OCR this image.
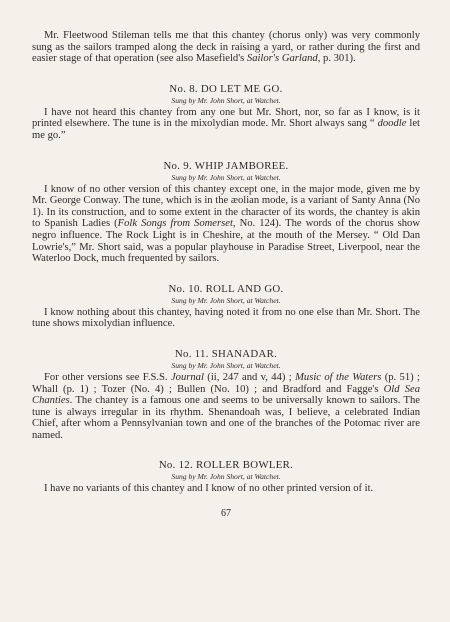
Mr. Fleetwood Stileman tells me that this chantey (chorus only) was very commonly sung as the sailors tramped along the deck in raising a yard, or rather during the first and easier stage of that operation (see also Masefield's Sailor's Garland, p. 301).

No. 8. DO LET ME GO.

Sung by Mr. John Short, at Watchet.

I have not heard this chantey from any one but Mr. Short, nor, so far as I know, is it printed elsewhere. The tune is in the mixolydian mode. Mr. Short always sang “ doodle let me go.”

No. 9. WHIP JAMBOREE.

Sung by Mr. John Short, at Watchet.

I know of no other version of this chantey except one, in the major mode, given me by Mr. George Conway. The tune, which is in the æolian mode, is a variant of Santy Anna (No 1). In its construction, and to some extent in the character of its words, the chantey is akin to Spanish Ladies (Folk Songs from Somerset, No. 124). The words of the chorus show negro influence. The Rock Light is in Cheshire, at the mouth of the Mersey. “ Old Dan Lowrie's,” Mr. Short said, was a popular playhouse in Paradise Street, Liverpool, near the Waterloo Dock, much frequented by sailors.

No. 10. ROLL AND GO.

Sung by Mr. John Short, at Watchet.

I know nothing about this chantey, having noted it from no one else than Mr. Short. The tune shows mixolydian influence.

No. 11. SHANADAR.

Sung by Mr. John Short, at Watchet.

For other versions see F.S.S. Journal (ii, 247 and v, 44) ; Music of the Waters (p. 51) ; Whall (p. 1) ; Tozer (No. 4) ; Bullen (No. 10) ; and Bradford and Fagge's Old Sea Chanties. The chantey is a famous one and seems to be universally known to sailors. The tune is always irregular in its rhythm. Shenandoah was, I believe, a celebrated Indian Chief, after whom a Pennsylvanian town and one of the branches of the Potomac river are named.

No. 12. ROLLER BOWLER.

Sung by Mr. John Short, at Watchet.

I have no variants of this chantey and I know of no other printed version of it.

67
